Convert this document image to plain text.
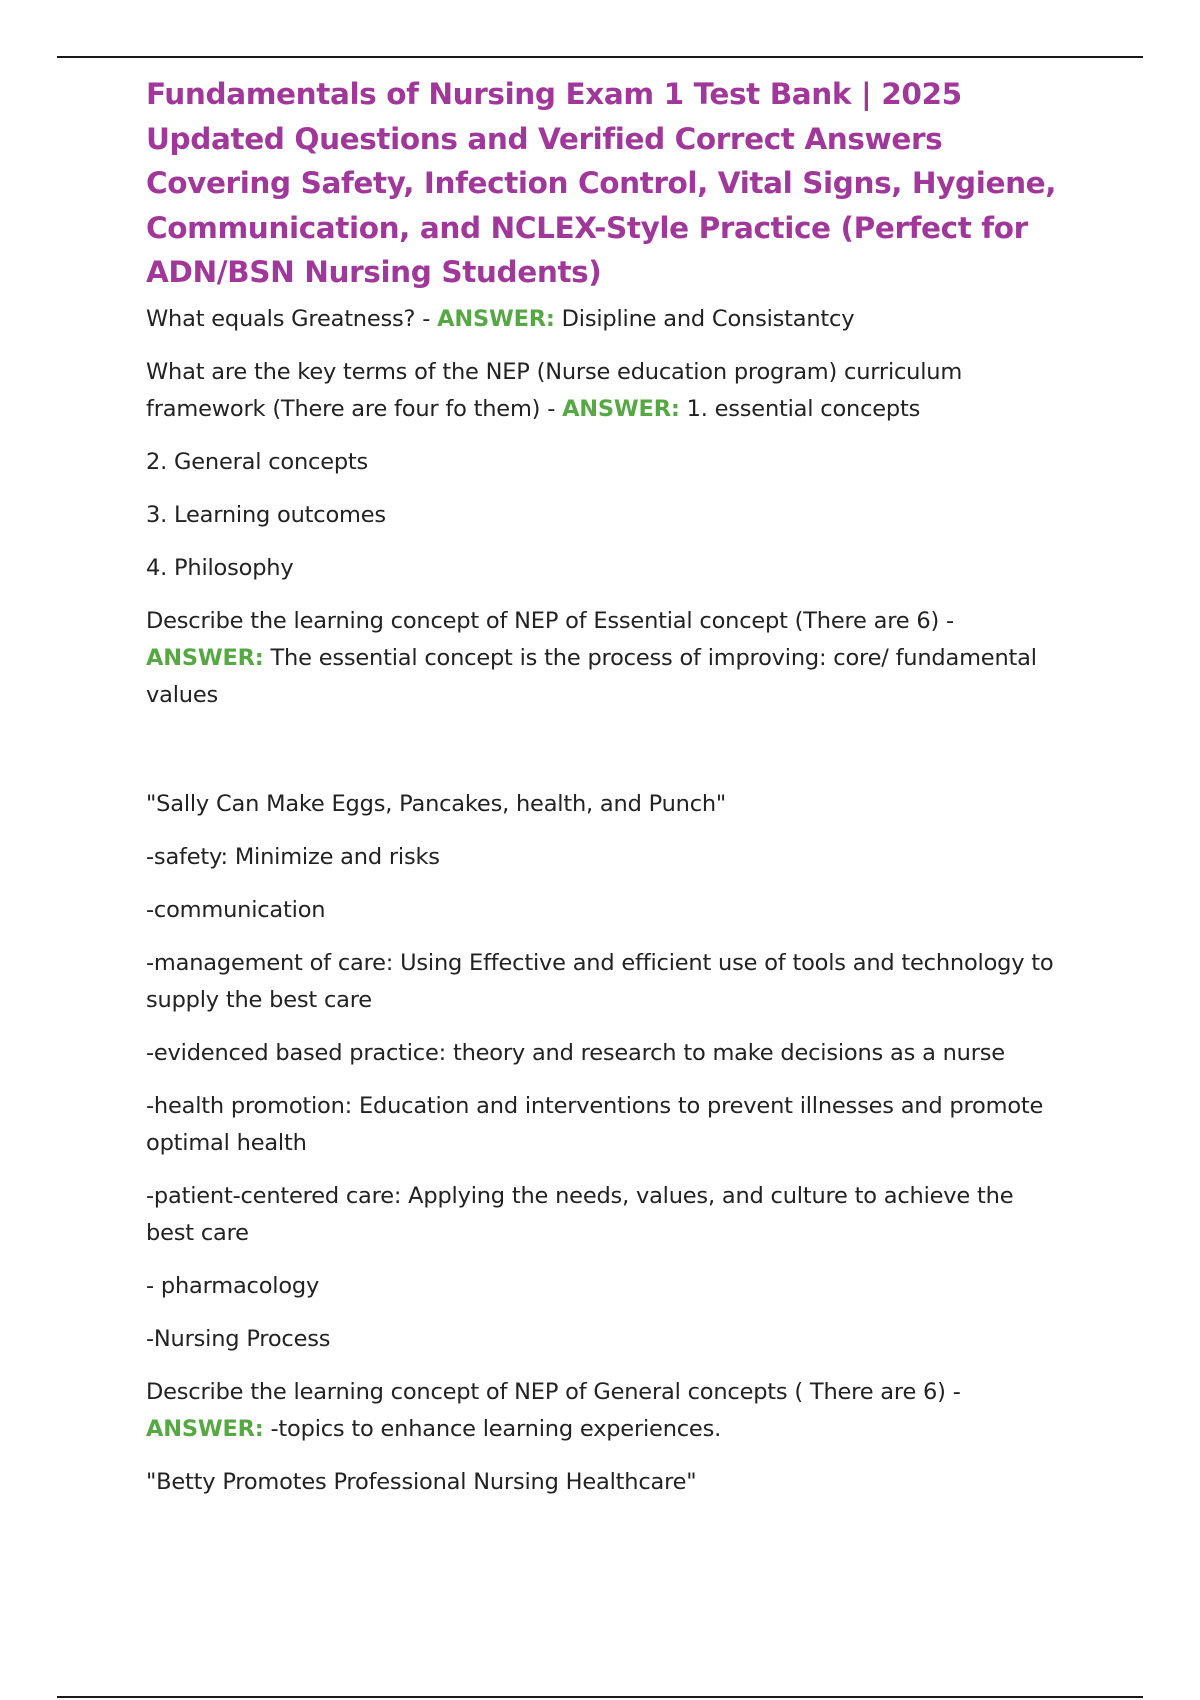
Fundamentals of Nursing Exam 1 Test Bank | 2025 Updated Questions and Verified Correct Answers Covering Safety, Infection Control, Vital Signs, Hygiene, Communication, and NCLEX-Style Practice (Perfect for ADN/BSN Nursing Students)

What equals Greatness? - ANSWER: Disipline and Consistantcy

What are the key terms of the NEP (Nurse education program) curriculum framework (There are four fo them) - ANSWER: 1. essential concepts

2. General concepts

3. Learning outcomes

4. Philosophy

Describe the learning concept of NEP of Essential concept (There are 6) - ANSWER: The essential concept is the process of improving: core/ fundamental values

"Sally Can Make Eggs, Pancakes, health, and Punch"

-safety: Minimize and risks

-communication

-management of care: Using Effective and efficient use of tools and technology to supply the best care

-evidenced based practice: theory and research to make decisions as a nurse

-health promotion: Education and interventions to prevent illnesses and promote optimal health

-patient-centered care: Applying the needs, values, and culture to achieve the best care

- pharmacology

-Nursing Process

Describe the learning concept of NEP of General concepts ( There are 6) - ANSWER: -topics to enhance learning experiences.

"Betty Promotes Professional Nursing Healthcare"
